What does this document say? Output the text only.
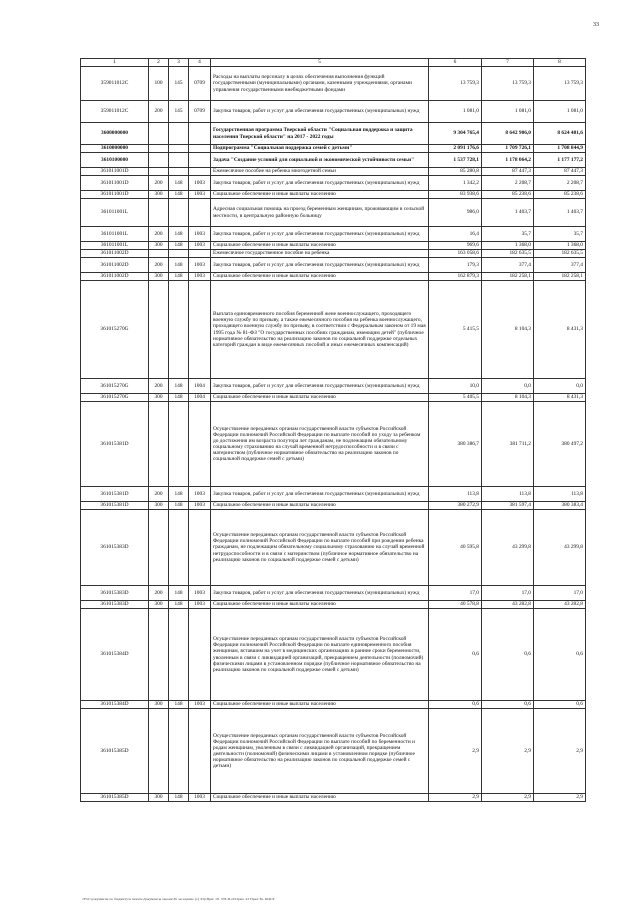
33
1	2	3	4	5	6	7	8
359011012С	100	145	0709	Расходы на выплаты персоналу в целях обеспечения выполнения функций государственными (муниципальными) органами, казенными учреждениями, органами управления государственными внебюджетными фондами	13 759,3	13 759,3	13 759,3
359011012С	200	145	0709	Закупка товаров, работ и услуг для обеспечения государственных (муниципальных) нужд	1 081,0	1 081,0	1 081,0
3600000000				Государственная программа Тверской области "Социальная поддержка и защита населения Тверской области" на 2017 - 2022 годы	9 304 765,4	8 642 906,0	8 624 481,6
3610000000				Подпрограмма "Социальная поддержка семей с детьми"	2 091 176,6	1 709 726,1	1 708 844,9
3610100000				Задача "Создание условий для социальной и экономической устойчивости семьи"	1 537 728,1	1 178 064,2	1 177 177,2
361011001D				Ежемесячное пособие на ребенка многодетной семьи	85 280,8	87 447,3	87 447,3
361011001D	200	148	1003	Закупка товаров, работ и услуг для обеспечения государственных (муниципальных) нужд	1 342,2	2 208,7	2 208,7
361011001D	300	148	1003	Социальное обеспечение и иные выплаты населению	83 938,6	85 238,6	85 238,6
361011001L				Адресная социальная помощь на проезд беременным женщинам, проживающим в сельской местности, в центральную районную больницу	986,0	1 403,7	1 403,7
361011001L	200	148	1003	Закупка товаров, работ и услуг для обеспечения государственных (муниципальных) нужд	16,4	35,7	35,7
361011001L	300	148	1003	Социальное обеспечение и иные выплаты населению	969,6	1 368,0	1 368,0
361011002D				Ежемесячное государственное пособие на ребенка	163 058,6	182 635,5	182 635,5
361011002D	200	148	1003	Закупка товаров, работ и услуг для обеспечения государственных (муниципальных) нужд	179,3	377,4	377,4
361011002D	300	148	1003	Социальное обеспечение и иные выплаты населению	162 879,3	182 258,1	182 258,1
361015270G				Выплата единовременного пособия беременной жене военнослужащего, проходящего военную службу по призыву, а также ежемесячного пособия на ребенка военнослужащего, проходящего военную службу по призыву, в соответствии с Федеральным законом от 19 мая 1995 года № 81-ФЗ "О государственных пособиях гражданам, имеющим детей" (публичное нормативное обязательство на реализацию законов по социальной поддержке отдельных категорий граждан в виде ежемесячных пособий и иных ежемесячных компенсаций)	5 415,5	8 104,3	8 431,3
361015270G	200	148	1004	Закупка товаров, работ и услуг для обеспечения государственных (муниципальных) нужд	10,0	0,0	0,0
361015270G	300	148	1004	Социальное обеспечение и иные выплаты населению	5 405,5	8 104,3	8 431,3
361015381D				Осуществление переданных органам государственной власти субъектов Российской Федерации полномочий Российской Федерации по выплате пособий по уходу за ребенком до достижения им возраста полутора лет гражданам, не подлежащим обязательному социальному страхованию на случай временной нетрудоспособности и в связи с материнством (публичное нормативное обязательство на реализацию законов по социальной поддержке семей с детьми)	380 386,7	381 711,2	380 497,2
361015381D	200	148	1003	Закупка товаров, работ и услуг для обеспечения государственных (муниципальных) нужд	113,8	113,8	113,8
361015381D	300	148	1003	Социальное обеспечение и иные выплаты населению	380 272,9	381 597,4	380 383,4
361015383D				Осуществление переданных органам государственной власти субъектов Российской Федерации полномочий Российской Федерации по выплате пособий при рождении ребенка гражданам, не подлежащим обязательному социальному страхованию на случай временной нетрудоспособности и в связи с материнством (публичное нормативное обязательство на реализацию законов по социальной поддержке семей с детьми)	40 595,8	43 299,8	43 299,8
361015383D	200	148	1003	Закупка товаров, работ и услуг для обеспечения государственных (муниципальных) нужд	17,0	17,0	17,0
361015383D	300	148	1003	Социальное обеспечение и иные выплаты населению	40 578,8	43 282,8	43 282,8
361015384D				Осуществление переданных органам государственной власти субъектов Российской Федерации полномочий Российской Федерации по выплате единовременного пособия женщинам, вставшим на учет в медицинских организациях в ранние сроки беременности, уволенным в связи с ликвидацией организаций, прекращением деятельности (полномочий) физическими лицами в установленном порядке (публичное нормативное обязательство на реализацию законов по социальной поддержке семей с детьми)	0,6	0,6	0,6
361015384D	300	148	1003	Социальное обеспечение и иные выплаты населению	0,6	0,6	0,6
361015385D				Осуществление переданных органам государственной власти субъектов Российской Федерации полномочий Российской Федерации по выплате пособий по беременности и родам женщинам, уволенным в связи с ликвидацией организаций, прекращением деятельности (полномочий) физическими лицами в установленном порядке (публичное нормативное обязательство на реализацию законов по социальной поддержке семей с детьми)	2,9	2,9	2,9
361015385D	300	148	1003	Социальное обеспечение и иные выплаты населению	2,9	2,9	2,9
\\FsC\документы по бюджету\в печать\Документы закона\3б заседание (1) \Пр\При\ 18. 578-П-О\Прил. 22 Прил 3я. КЦСР
